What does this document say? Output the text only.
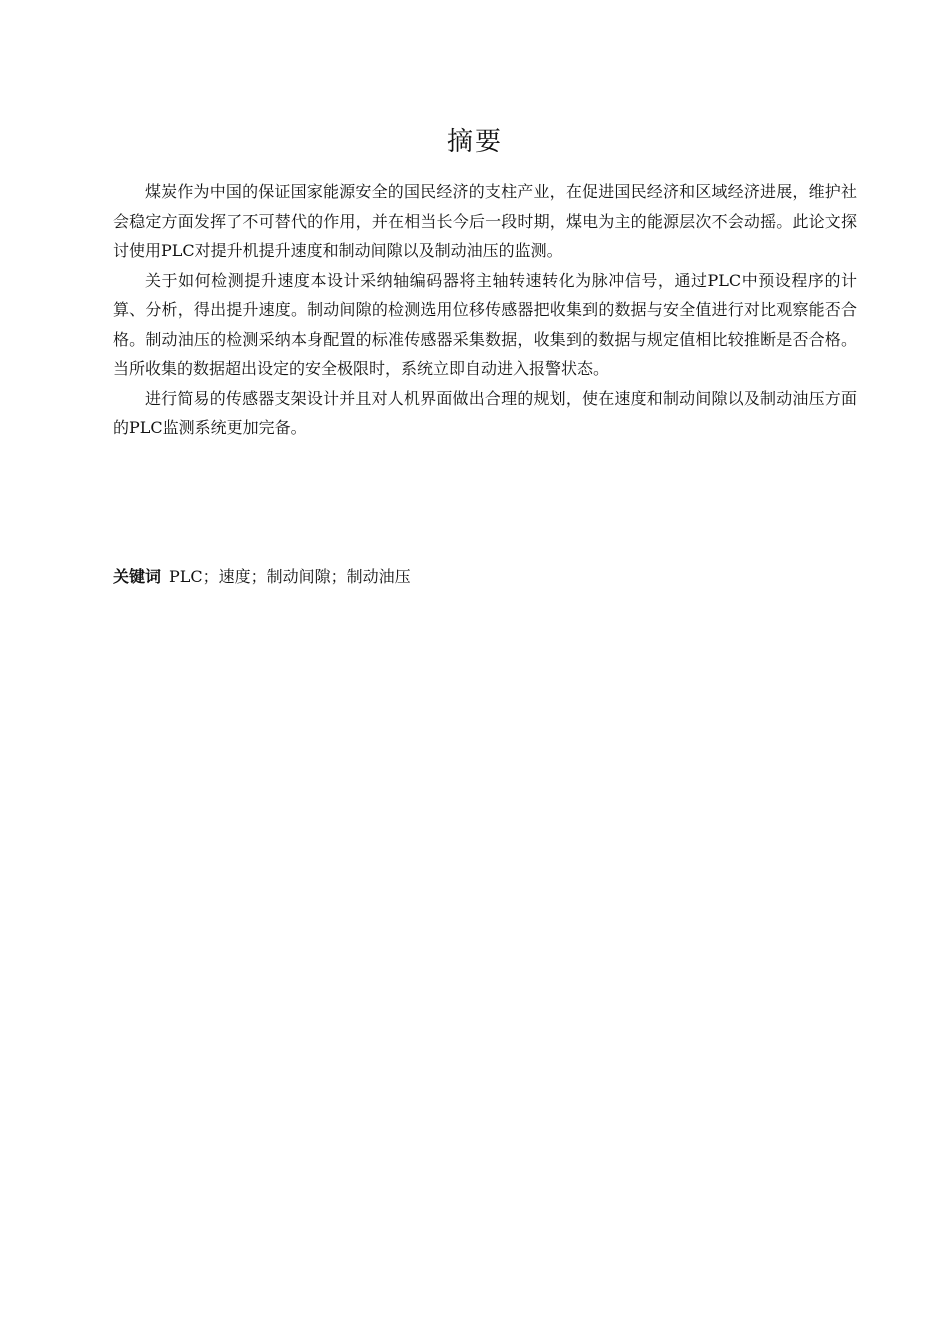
摘要

煤炭作为中国的保证国家能源安全的国民经济的支柱产业，在促进国民经济和区域经济进展，维护社会稳定方面发挥了不可替代的作用，并在相当长今后一段时期，煤电为主的能源层次不会动摇。此论文探讨使用PLC对提升机提升速度和制动间隙以及制动油压的监测。

关于如何检测提升速度本设计采纳轴编码器将主轴转速转化为脉冲信号，通过PLC中预设程序的计算、分析，得出提升速度。制动间隙的检测选用位移传感器把收集到的数据与安全值进行对比观察能否合格。制动油压的检测采纳本身配置的标准传感器采集数据，收集到的数据与规定值相比较推断是否合格。当所收集的数据超出设定的安全极限时，系统立即自动进入报警状态。

进行简易的传感器支架设计并且对人机界面做出合理的规划，使在速度和制动间隙以及制动油压方面的PLC监测系统更加完备。

关键词 PLC；速度；制动间隙；制动油压
